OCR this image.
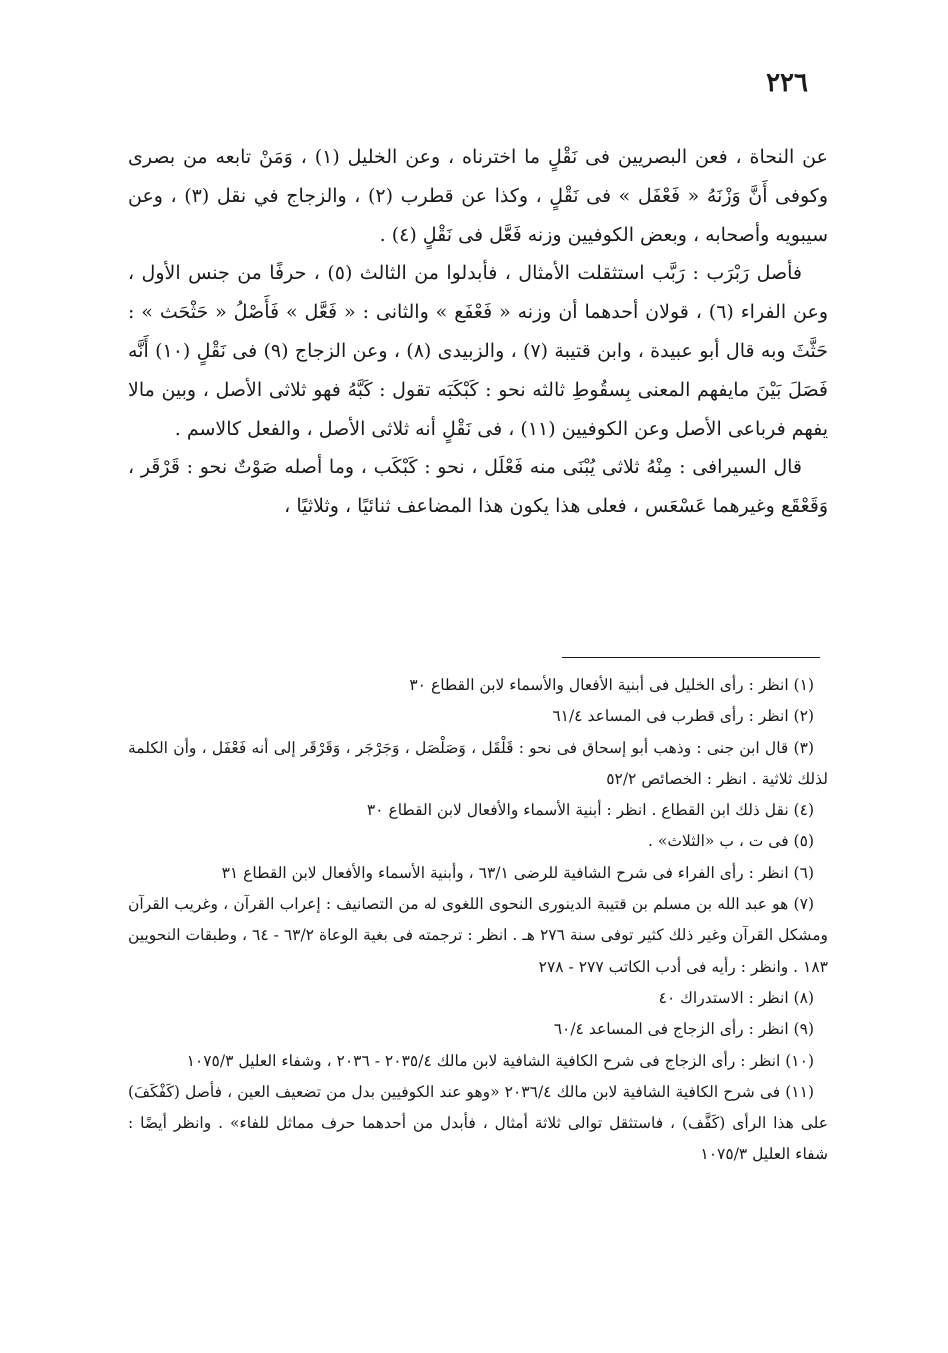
٢٢٦

عن النحاة ، فعن البصريين فى نَقْلٍ ما اخترناه ، وعن الخليل (١) ، وَمَنْ تابعه من بصرى وكوفى أَنَّ وَزْنَهُ « فَعْفَل » فى نَقْلٍ ، وكذا عن قطرب (٢) ، والزجاج في نقل (٣) ، وعن سيبويه وأصحابه ، وبعض الكوفيين وزنه فَعَّل فى نَقْلٍ (٤) .

فأصل رَبْرَب : رَبَّب استثقلت الأمثال ، فأبدلوا من الثالث (٥) ، حرفًا من جنس الأول ، وعن الفراء (٦) ، قولان أحدهما أن وزنه « فَعْفَع » والثانى : « فَعَّل » فَأَصْلُ « حَثْحَث » : حَثَّثَ وبه قال أبو عبيدة ، وابن قتيبة (٧) ، والزبيدى (٨) ، وعن الزجاج (٩) فى نَقْلٍ (١٠) أَنَّه فَصَلَ بَيْنَ مايفهم المعنى بِسقُوطِ ثالثه نحو : كَبْكَبَه تقول : كَبَّهُ فهو ثلاثى الأصل ، وبين مالا يفهم فرباعى الأصل وعن الكوفيين (١١) ، فى نَقْلٍ أنه ثلاثى الأصل ، والفعل كالاسم .

قال السيرافى : مِنْهُ ثلاثى يُبْنَى منه فَعْلَل ، نحو : كَبْكَب ، وما أصله صَوْتٌ نحو : قَرْقَر ، وَقَعْقَع وغيرهما عَسْعَس ، فعلى هذا يكون هذا المضاعف ثنائيًا ، وثلاثيًا ،

(١) انظر : رأى الخليل فى أبنية الأفعال والأسماء لابن القطاع ٣٠

(٢) انظر : رأى قطرب فى المساعد ٦١/٤

(٣) قال ابن جنى : وذهب أبو إسحاق فى نحو : قَلْقَل ، وَصَلْصَل ، وَجَرْجَر ، وَقَرْقَر إلى أنه فَعْفَل ، وأن الكلمة لذلك ثلاثية . انظر : الخصائص ٥٢/٢

(٤) نقل ذلك ابن القطاع . انظر : أبنية الأسماء والأفعال لابن القطاع ٣٠

(٥) فى ت ، ب «الثلاث» .

(٦) انظر : رأى الفراء فى شرح الشافية للرضى ٦٣/١ ، وأبنية الأسماء والأفعال لابن القطاع ٣١

(٧) هو عبد الله بن مسلم بن قتيبة الدينورى النحوى اللغوى له من التصانيف : إعراب القرآن ، وغريب القرآن ومشكل القرآن وغير ذلك كثير توفى سنة ٢٧٦ هـ . انظر : ترجمته فى بغية الوعاة ٦٣/٢ - ٦٤ ، وطبقات النحويين ١٨٣ . وانظر : رأيه فى أدب الكاتب ٢٧٧ - ٢٧٨

(٨) انظر : الاستدراك ٤٠

(٩) انظر : رأى الزجاج فى المساعد ٦٠/٤

(١٠) انظر : رأى الزجاج فى شرح الكافية الشافية لابن مالك ٢٠٣٥/٤ - ٢٠٣٦ ، وشفاء العليل ١٠٧٥/٣

(١١) فى شرح الكافية الشافية لابن مالك ٢٠٣٦/٤ «وهو عند الكوفيين بدل من تضعيف العين ، فأصل (كَفْكَفَ) على هذا الرأى (كَفَّف) ، فاستثقل توالى ثلاثة أمثال ، فأبدل من أحدهما حرف مماثل للفاء» . وانظر أيضًا : شفاء العليل ١٠٧٥/٣
